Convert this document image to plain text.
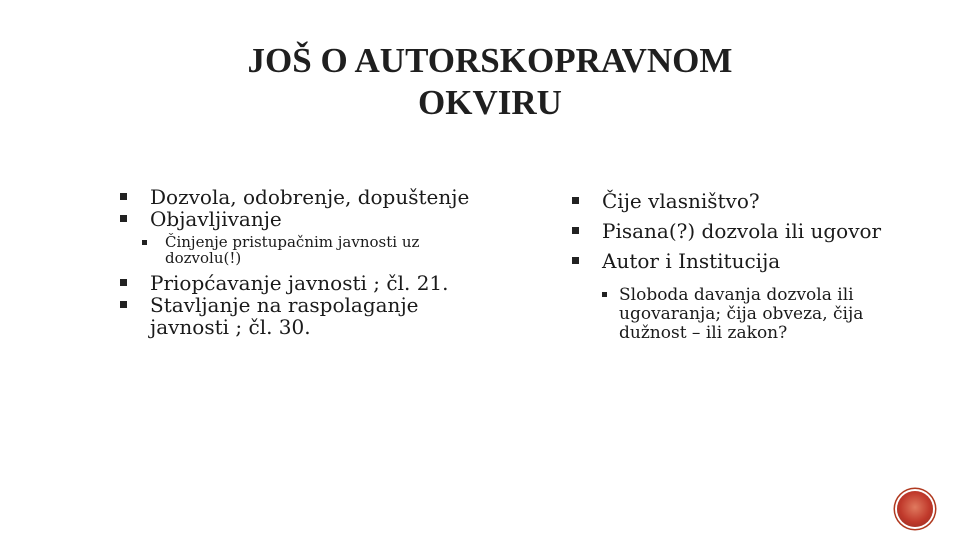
JOŠ O AUTORSKOPRAVNOM
OKVIRU
Dozvola, odobrenje, dopuštenje
Objavljivanje
Činjenje pristupačnim javnosti uz dozvolu(!)
Priopćavanje javnosti ; čl. 21.
Stavljanje na raspolaganje javnosti ; čl. 30.
Čije vlasništvo?
Pisana(?) dozvola ili ugovor
Autor i Institucija
Sloboda davanja dozvola ili ugovaranja; čija obveza, čija dužnost – ili zakon?
